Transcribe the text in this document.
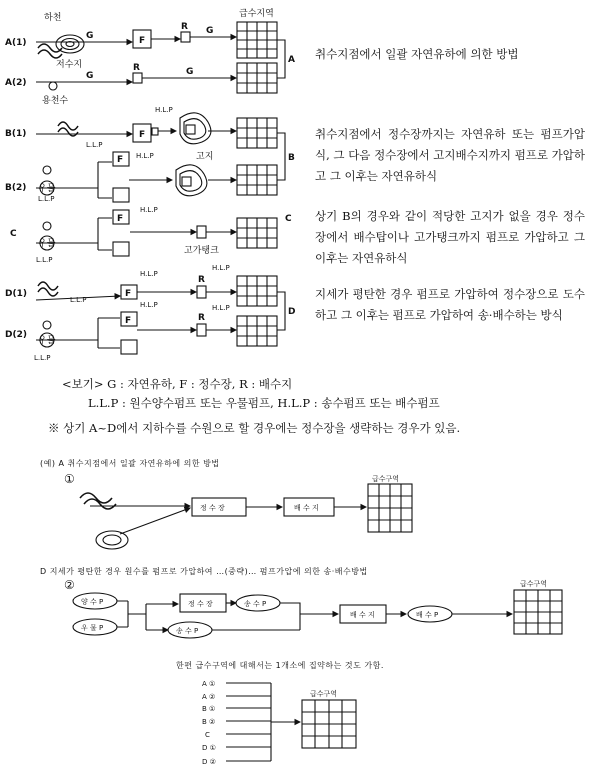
하천
저수지
용천수
급수지역
고지
고가탱크
A(1)
A(2)
B(1)
B(2)
C
D(1)
D(2)
A
B
C
D
G	F
R G
G
R	G
F
H.L.P
L.L.P
F H.L.P
L.L.P
우물
F
H.L.P
L.L.P
우물
F
H.L.P
L.L.P
R
H.L.P
F
H.L.P
R
H.L.P
우물
L.L.P
정 수 장	배 수 지
급수구역
양 수 P
우 물 P
정 수 장
송 수 P
송 수 P
배 수 지	배 수 P
급수구역
급수구역
A ①
A ②
B ①
B ②
C
D ①
D ②
취수지점에서 일괄 자연유하에 의한 방법
취수지점에서 정수장까지는 자연유하 또는 펌프가압식, 그 다음 정수장에서 고지배수지까지 펌프로 가압하고 그 이후는 자연유하식
상기 B의 경우와 같이 적당한 고지가 없을 경우 정수장에서 배수탑이나 고가탱크까지 펌프로 가압하고 그 이후는 자연유하식
지세가 평탄한 경우 펌프로 가압하여 정수장으로 도수하고 그 이후는 펌프로 가압하여 송·배수하는 방식
<보기> G : 자연유하, F : 정수장, R : 배수지
L.L.P : 원수양수펌프 또는 우물펌프, H.L.P : 송수펌프 또는 배수펌프
※ 상기 A~D에서 지하수를 수원으로 할 경우에는 정수장을 생략하는 경우가 있음.
(예) A 취수지점에서 일괄 자연유하에 의한 방법
①
D 지세가 평탄한 경우 원수를 펌프로 가압하여 …(중략)… 펌프가압에 의한 송·배수방법
②
한편 급수구역에 대해서는 1개소에 집약하는 것도 가함.
